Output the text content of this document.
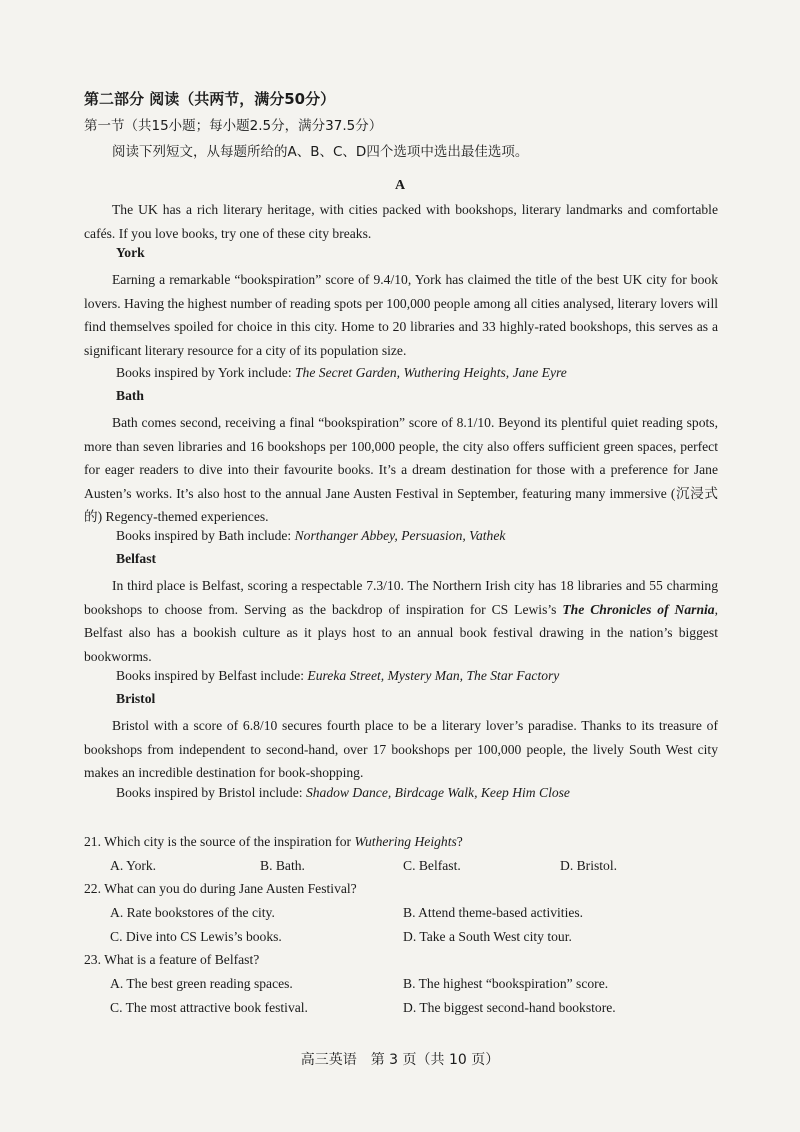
第二部分 阅读（共两节，满分50分）
第一节（共15小题；每小题2.5分，满分37.5分）
阅读下列短文，从每题所给的A、B、C、D四个选项中选出最佳选项。
A

The UK has a rich literary heritage, with cities packed with bookshops, literary landmarks and comfortable cafés. If you love books, try one of these city breaks.

York

Earning a remarkable “bookspiration” score of 9.4/10, York has claimed the title of the best UK city for book lovers. Having the highest number of reading spots per 100,000 people among all cities analysed, literary lovers will find themselves spoiled for choice in this city. Home to 20 libraries and 33 highly-rated bookshops, this serves as a significant literary resource for a city of its population size.

Books inspired by York include: The Secret Garden, Wuthering Heights, Jane Eyre
Bath

Bath comes second, receiving a final “bookspiration” score of 8.1/10. Beyond its plentiful quiet reading spots, more than seven libraries and 16 bookshops per 100,000 people, the city also offers sufficient green spaces, perfect for eager readers to dive into their favourite books. It’s a dream destination for those with a preference for Jane Austen’s works. It’s also host to the annual Jane Austen Festival in September, featuring many immersive (沉浸式的) Regency-themed experiences.

Books inspired by Bath include: Northanger Abbey, Persuasion, Vathek
Belfast

In third place is Belfast, scoring a respectable 7.3/10. The Northern Irish city has 18 libraries and 55 charming bookshops to choose from. Serving as the backdrop of inspiration for CS Lewis’s The Chronicles of Narnia, Belfast also has a bookish culture as it plays host to an annual book festival drawing in the nation’s biggest bookworms.

Books inspired by Belfast include: Eureka Street, Mystery Man, The Star Factory
Bristol

Bristol with a score of 6.8/10 secures fourth place to be a literary lover’s paradise. Thanks to its treasure of bookshops from independent to second-hand, over 17 bookshops per 100,000 people, the lively South West city makes an incredible destination for book-shopping.

Books inspired by Bristol include: Shadow Dance, Birdcage Walk, Keep Him Close
21. Which city is the source of the inspiration for Wuthering Heights?
A. York.	B. Bath.	C. Belfast.	D. Bristol.
22. What can you do during Jane Austen Festival?
A. Rate bookstores of the city.	B. Attend theme-based activities.
C. Dive into CS Lewis’s books.	D. Take a South West city tour.
23. What is a feature of Belfast?
A. The best green reading spaces.	B. The highest “bookspiration” score.
C. The most attractive book festival.	D. The biggest second-hand bookstore.
高三英语　第 3 页（共 10 页）
